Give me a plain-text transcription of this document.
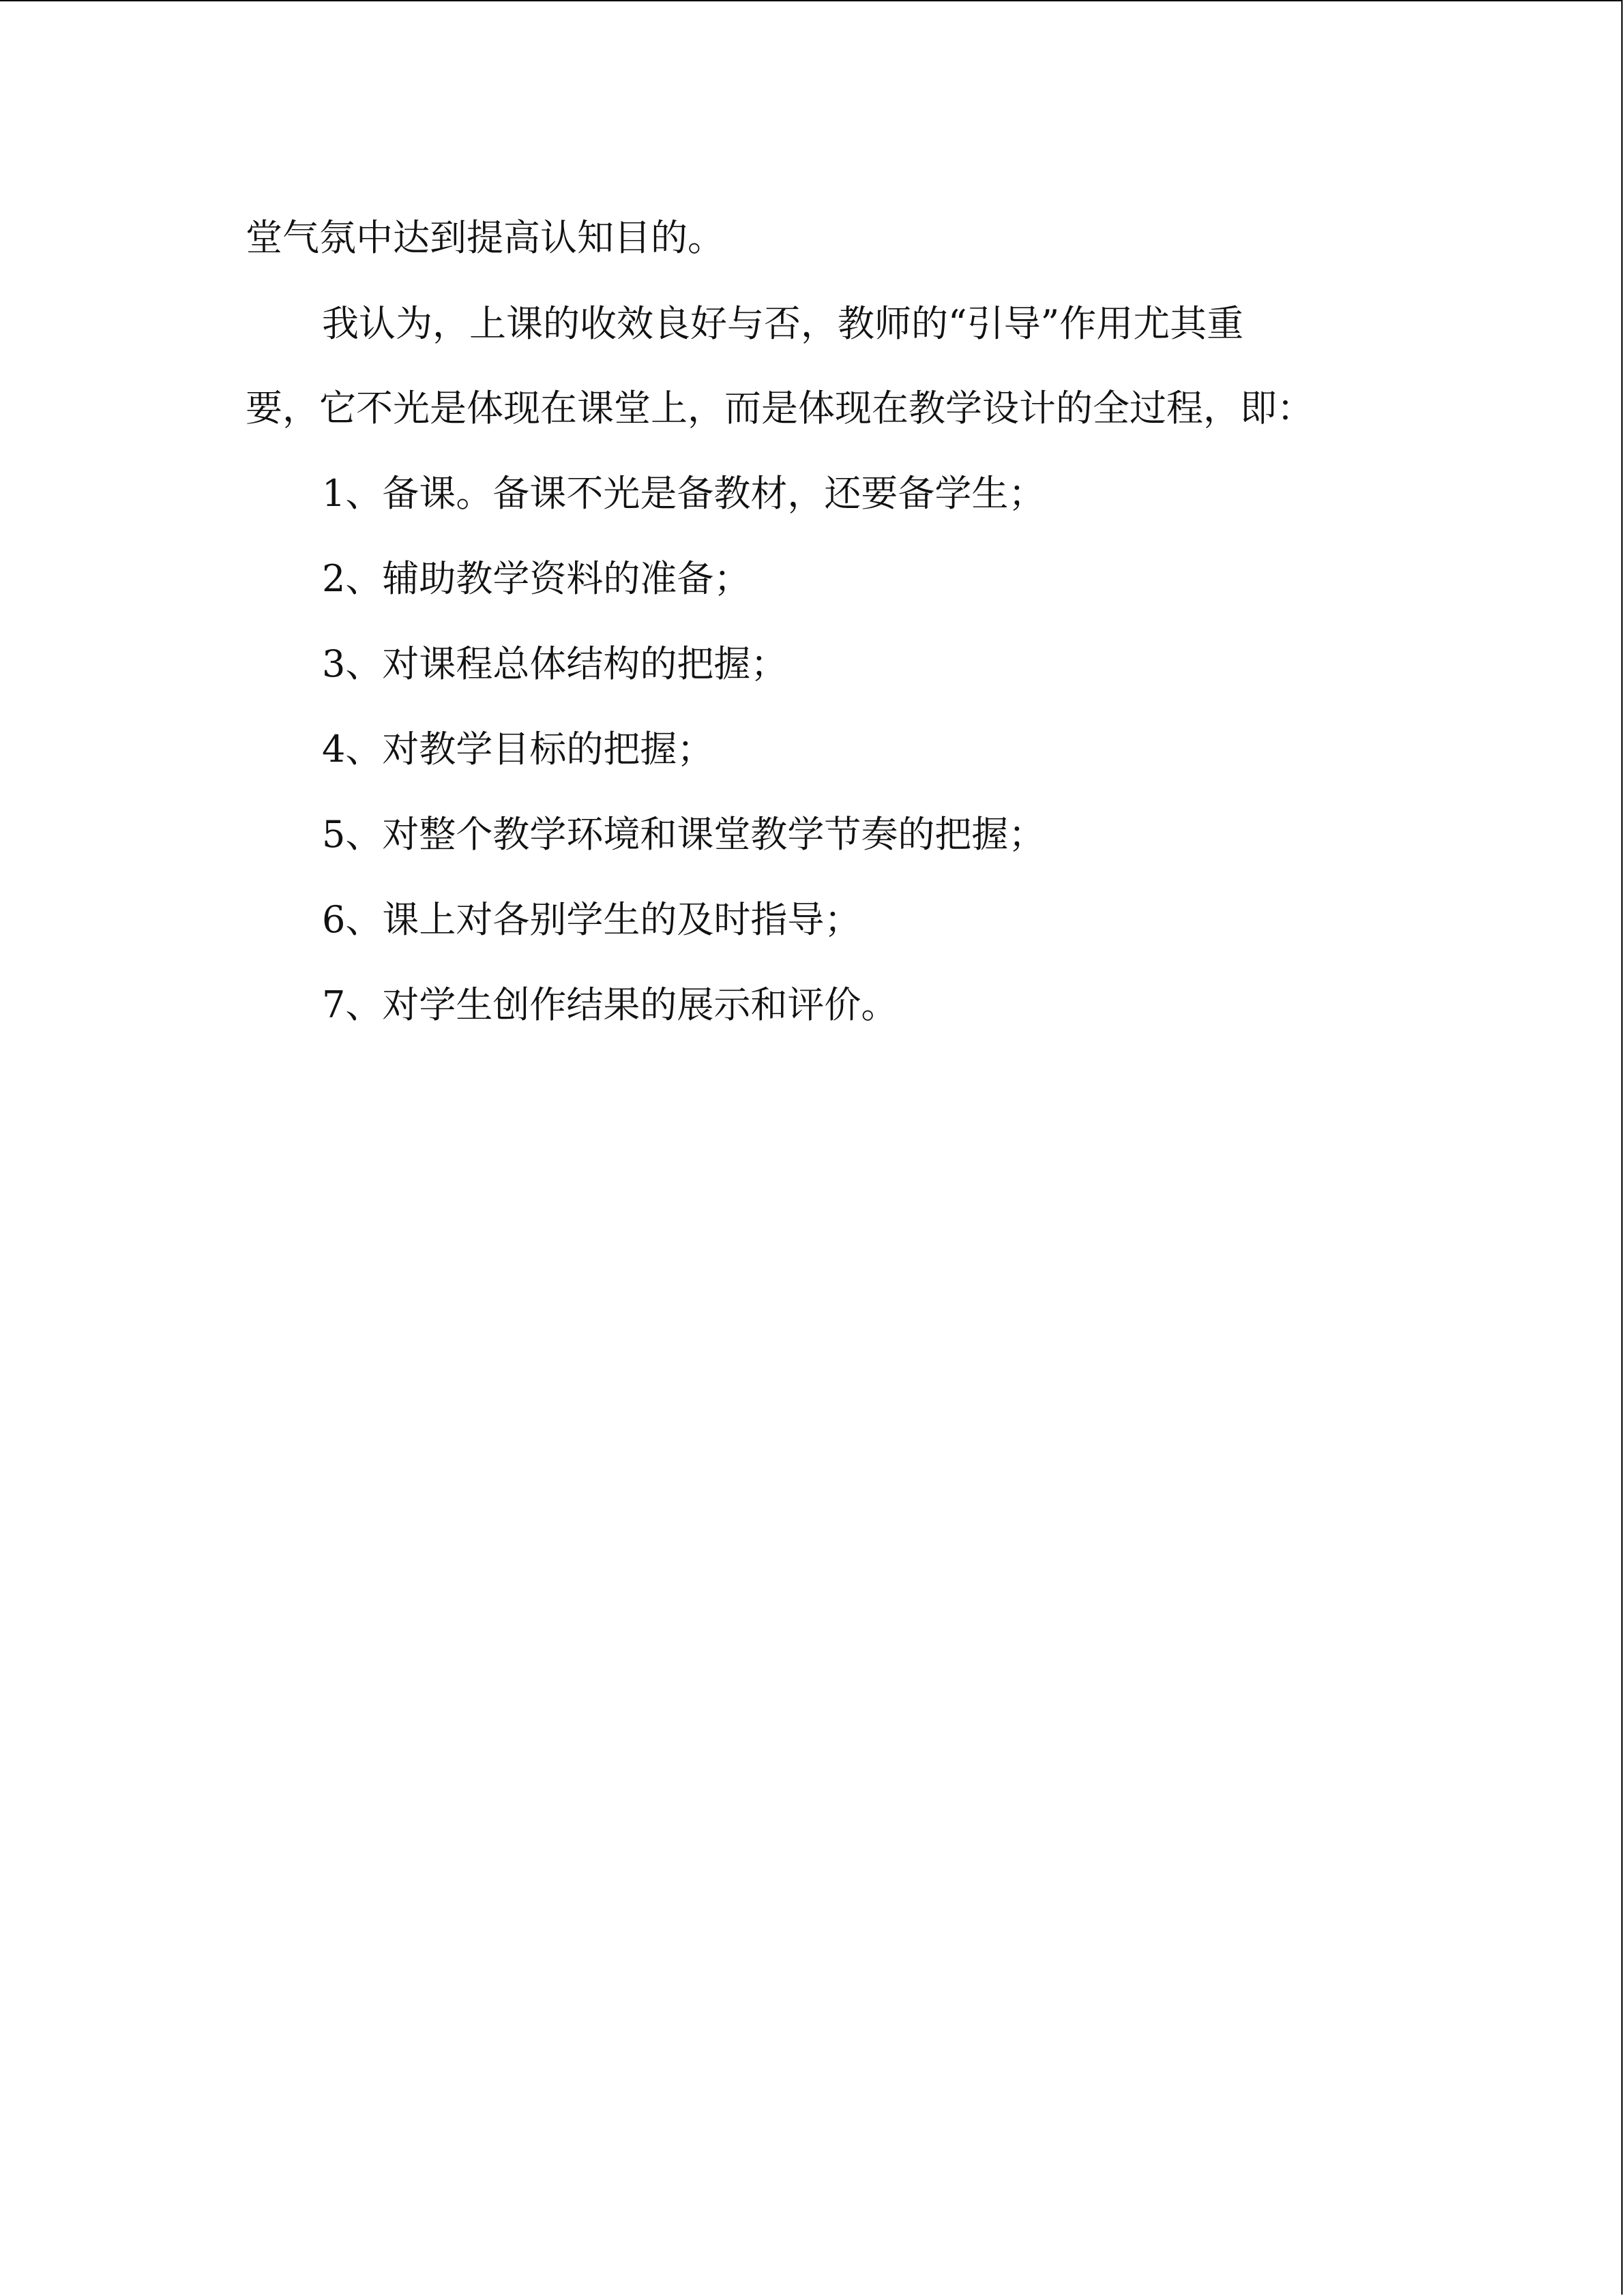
堂气氛中达到提高认知目的。
我认为，上课的收效良好与否，教师的“引导”作用尤其重
要，它不光是体现在课堂上，而是体现在教学设计的全过程，即：
1、备课。备课不光是备教材，还要备学生；
2、辅助教学资料的准备；
3、对课程总体结构的把握；
4、对教学目标的把握；
5、对整个教学环境和课堂教学节奏的把握；
6、课上对各别学生的及时指导；
7、对学生创作结果的展示和评价。
